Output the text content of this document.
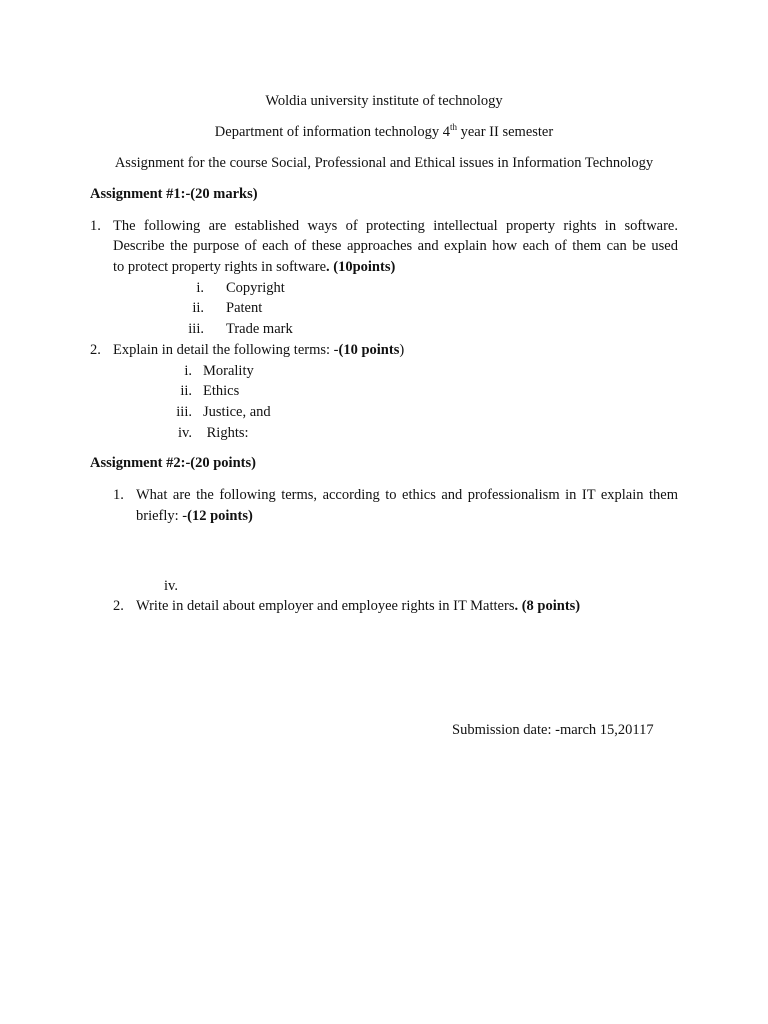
Woldia university institute of technology
Department of information technology 4th year II semester
Assignment for the course Social, Professional and Ethical issues in Information Technology
Assignment #1:-(20 marks)
1. The following are established ways of protecting intellectual property rights in software.
Describe the purpose of each of these approaches and explain how each of them can be used
to protect property rights in software. (10points)
i. Copyright
ii. Patent
iii. Trade mark
2. Explain in detail the following terms: -(10 points)
i. Morality
ii. Ethics
iii. Justice, and
iv. Rights:
Assignment #2:-(20 points)
1. What are the following terms, according to ethics and professionalism in IT explain them
briefly: -(12 points)
iv.
2. Write in detail about employer and employee rights in IT Matters. (8 points)
Submission date: -march 15,20117
